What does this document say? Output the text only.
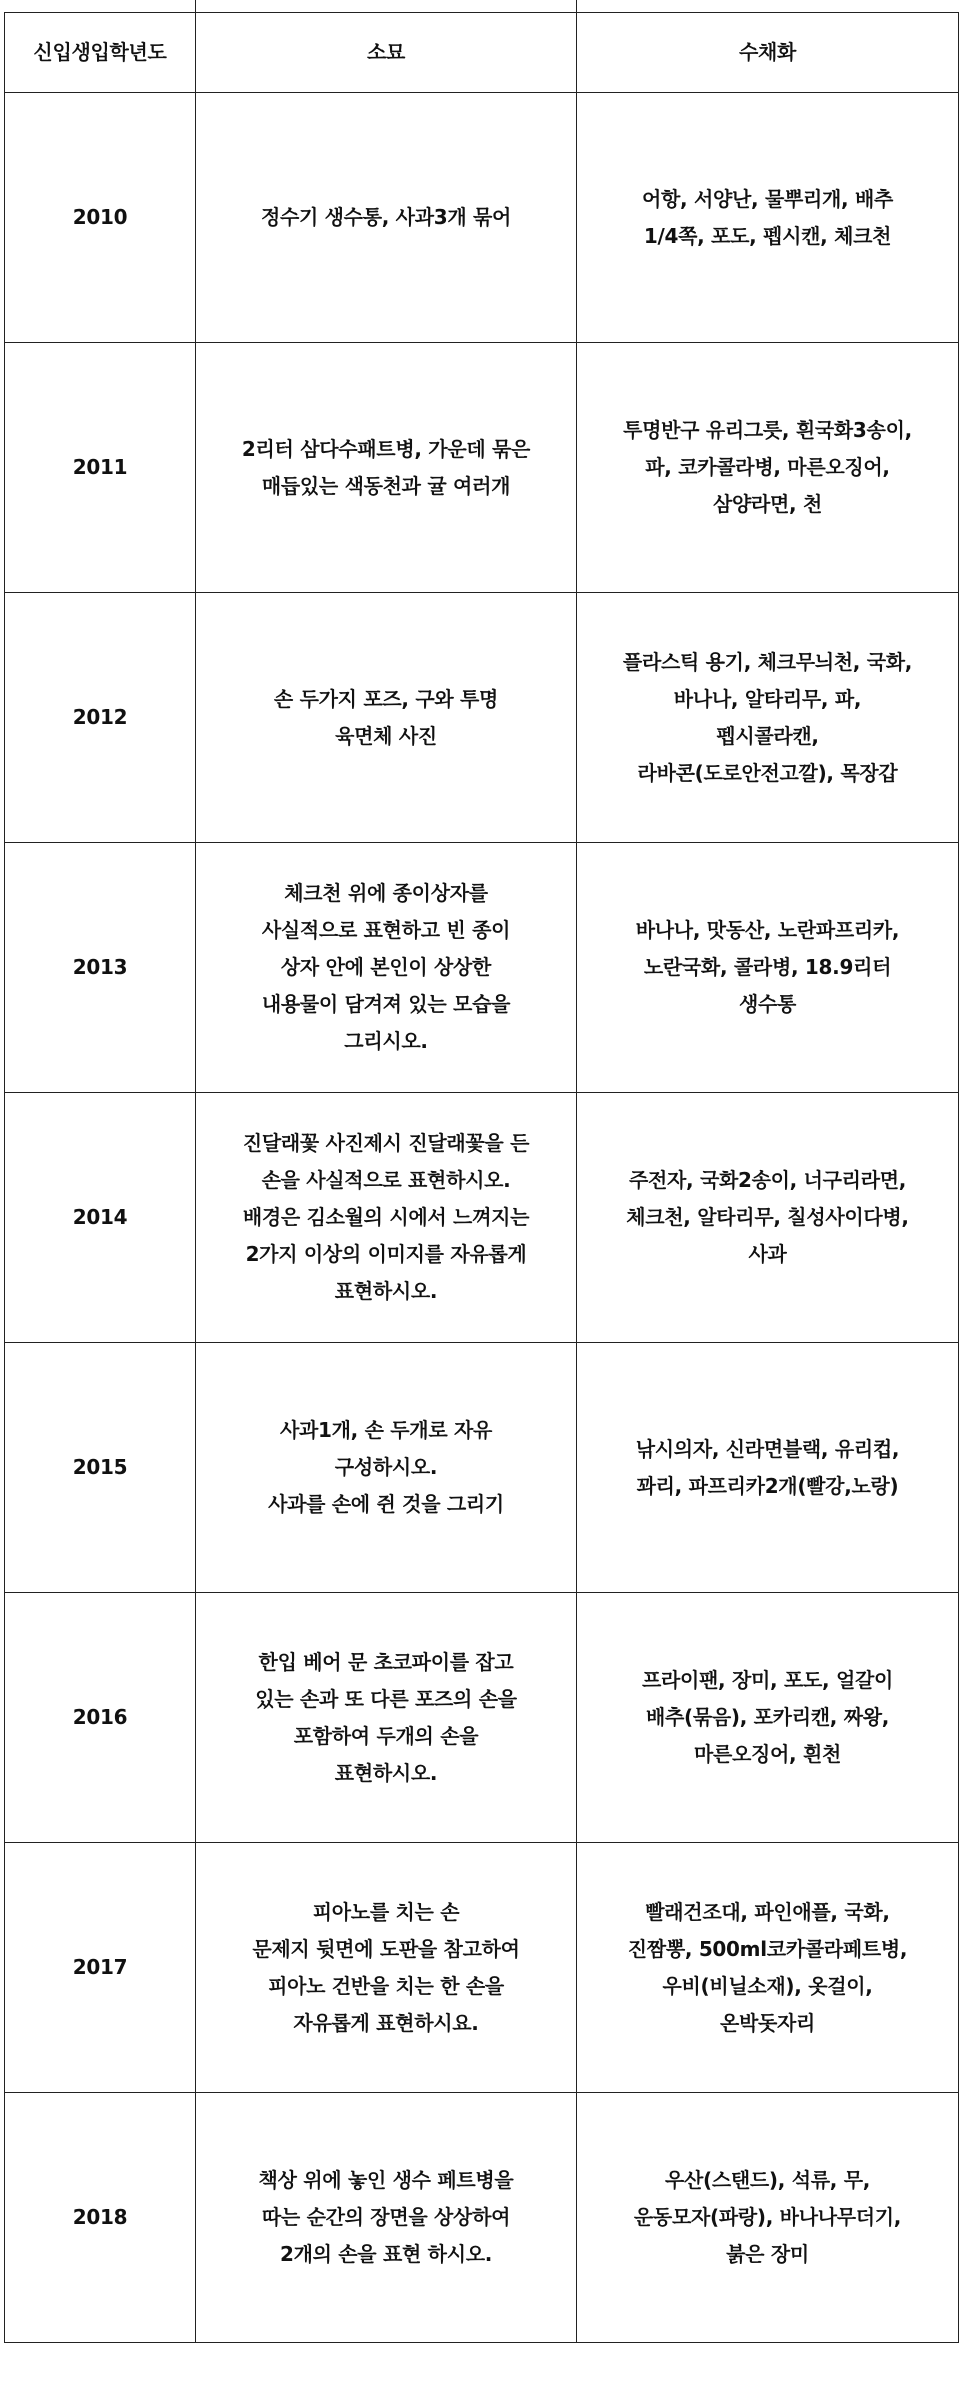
신입생입학년도	소묘	수채화
2010	정수기 생수통, 사과3개 묶어	어항, 서양난, 물뿌리개, 배추
1/4쪽, 포도, 펩시캔, 체크천
2011	2리터 삼다수패트병, 가운데 묶은
매듭있는 색동천과 귤 여러개	투명반구 유리그릇, 흰국화3송이,
파, 코카콜라병, 마른오징어,
삼양라면, 천
2012	손 두가지 포즈, 구와 투명
육면체 사진	플라스틱 용기, 체크무늬천, 국화,
바나나, 알타리무, 파,
펩시콜라캔,
라바콘(도로안전고깔), 목장갑
2013	체크천 위에 종이상자를
사실적으로 표현하고 빈 종이
상자 안에 본인이 상상한
내용물이 담겨져 있는 모습을
그리시오.	바나나, 맛동산, 노란파프리카,
노란국화, 콜라병, 18.9리터
생수통
2014	진달래꽃 사진제시 진달래꽃을 든
손을 사실적으로 표현하시오.
배경은 김소월의 시에서 느껴지는
2가지 이상의 이미지를 자유롭게
표현하시오.	주전자, 국화2송이, 너구리라면,
체크천, 알타리무, 칠성사이다병,
사과
2015	사과1개, 손 두개로 자유
구성하시오.
사과를 손에 쥔 것을 그리기	낚시의자, 신라면블랙, 유리컵,
꽈리, 파프리카2개(빨강,노랑)
2016	한입 베어 문 초코파이를 잡고
있는 손과 또 다른 포즈의 손을
포함하여 두개의 손을
표현하시오.	프라이팬, 장미, 포도, 얼갈이
배추(묶음), 포카리캔, 짜왕,
마른오징어, 흰천
2017	피아노를 치는 손
문제지 뒷면에 도판을 참고하여
피아노 건반을 치는 한 손을
자유롭게 표현하시요.	빨래건조대, 파인애플, 국화,
진짬뽕, 500ml코카콜라페트병,
우비(비닐소재), 옷걸이,
온박돗자리
2018	책상 위에 놓인 생수 페트병을
따는 순간의 장면을 상상하여
2개의 손을 표현 하시오.	우산(스탠드), 석류, 무,
운동모자(파랑), 바나나무더기,
붉은 장미
